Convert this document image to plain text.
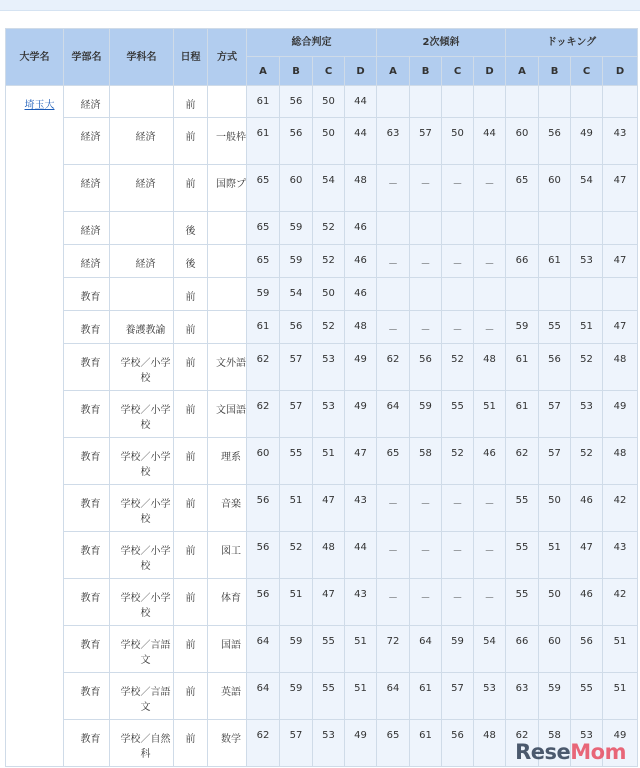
大学名	学部名	学科名	日程	方式	総合判定				2次傾斜				ドッキング			
					A	B	C	D	A	B	C	D	A	B	C	D
埼玉大	経済		前		61	56	50	44								
	経済	経済	前	一般枠	61	56	50	44	63	57	50	44	60	56	49	43
	経済	経済	前	国際プ	65	60	54	48	－	－	－	－	65	60	54	47
	経済		後		65	59	52	46								
	経済	経済	後		65	59	52	46	－	－	－	－	66	61	53	47
	教育		前		59	54	50	46								
	教育	養護教諭	前		61	56	52	48	－	－	－	－	59	55	51	47
	教育	学校／小学校	前	文外語	62	57	53	49	62	56	52	48	61	56	52	48
	教育	学校／小学校	前	文国語	62	57	53	49	64	59	55	51	61	57	53	49
	教育	学校／小学校	前	理系	60	55	51	47	65	58	52	46	62	57	52	48
	教育	学校／小学校	前	音楽	56	51	47	43	－	－	－	－	55	50	46	42
	教育	学校／小学校	前	図工	56	52	48	44	－	－	－	－	55	51	47	43
	教育	学校／小学校	前	体育	56	51	47	43	－	－	－	－	55	50	46	42
	教育	学校／言語文	前	国語	64	59	55	51	72	64	59	54	66	60	56	51
	教育	学校／言語文	前	英語	64	59	55	51	64	61	57	53	63	59	55	51
	教育	学校／自然科	前	数学	62	57	53	49	65	61	56	48	62	58	53	49
ReseMom
